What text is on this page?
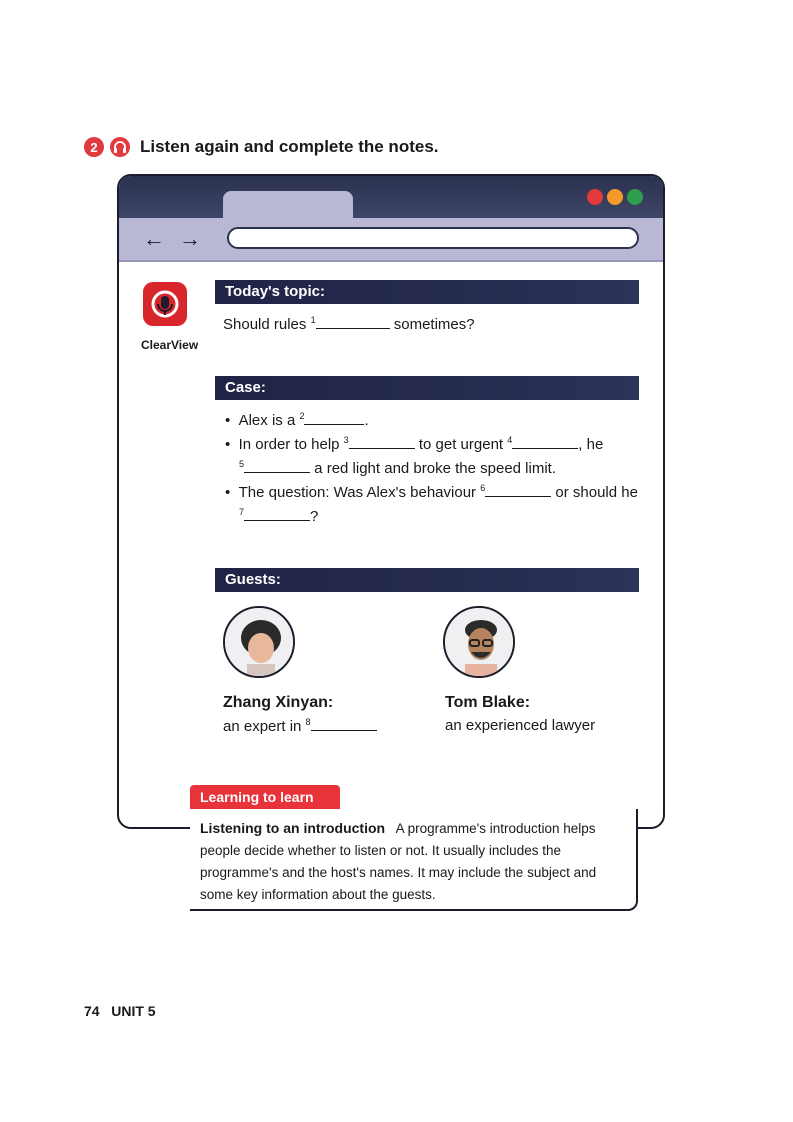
2	Listen again and complete the notes.
← →
ClearView
Today's topic:
Should rules $^1$	sometimes?
Case:
•  Alex is a $^2$	.
•  In order to help $^3$	to get urgent $^4$	, he
$^5$	a red light and broke the speed limit.
•  The question: Was Alex's behaviour $^6$	or should he
$^7$	?
Guests:
Zhang Xinyan:
an expert in $^8$
Tom Blake:
an experienced lawyer
Learning to learn
Listening to an introduction A programme's introduction helps people decide whether to listen or not. It usually includes the programme's and the host's names. It may include the subject and some key information about the guests.
74 UNIT 5
